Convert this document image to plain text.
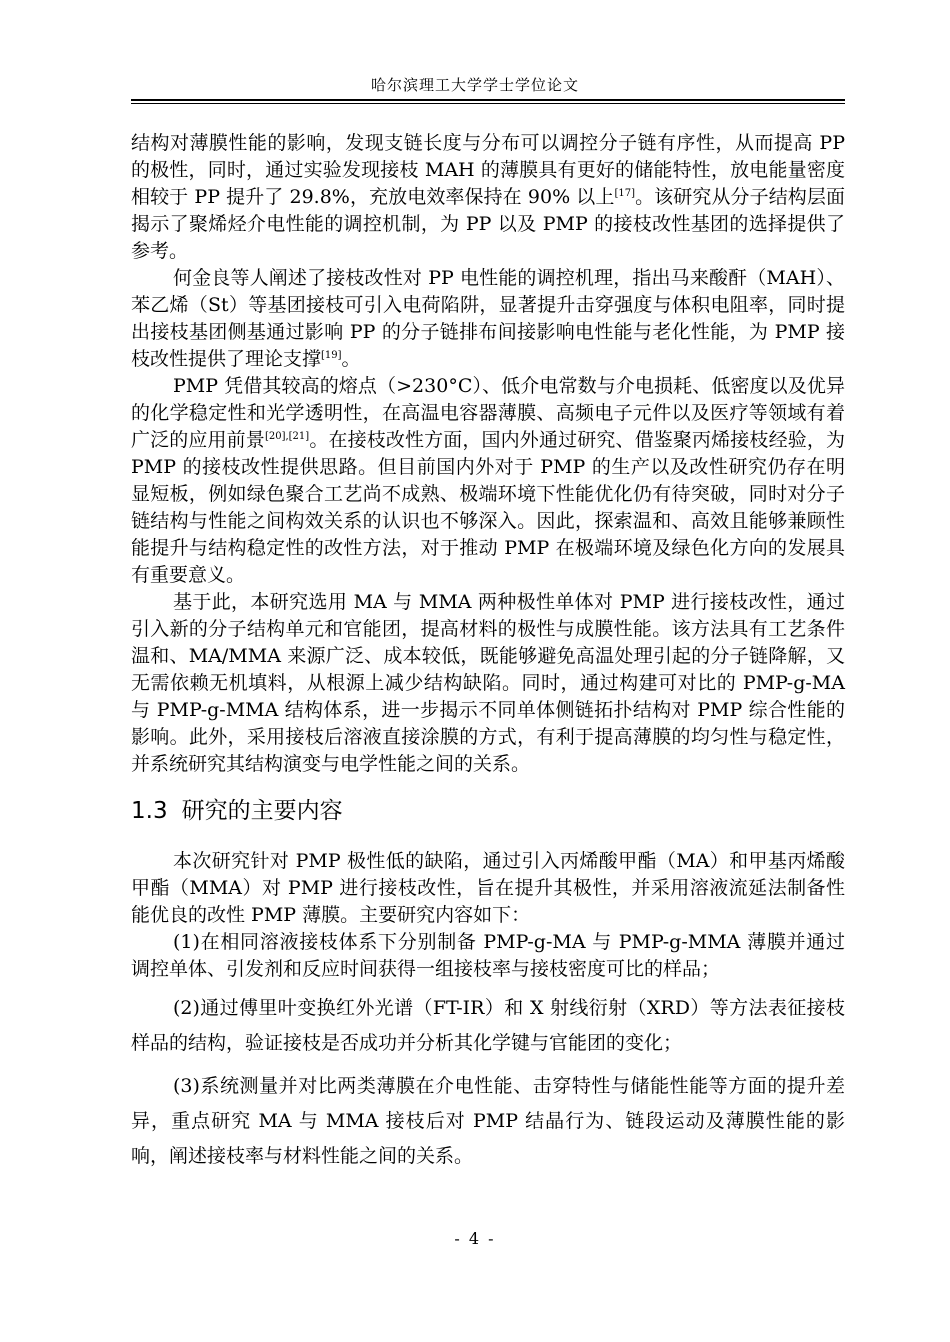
哈尔滨理工大学学士学位论文

结构对薄膜性能的影响，发现支链长度与分布可以调控分子链有序性，从而提高 PP 的极性，同时，通过实验发现接枝 MAH 的薄膜具有更好的储能特性，放电能量密度相较于 PP 提升了 29.8%，充放电效率保持在 90% 以上[17]。该研究从分子结构层面揭示了聚烯烃介电性能的调控机制，为 PP 以及 PMP 的接枝改性基团的选择提供了参考。

何金良等人阐述了接枝改性对 PP 电性能的调控机理，指出马来酸酐（MAH）、苯乙烯（St）等基团接枝可引入电荷陷阱，显著提升击穿强度与体积电阻率，同时提出接枝基团侧基通过影响 PP 的分子链排布间接影响电性能与老化性能，为 PMP 接枝改性提供了理论支撑[19]。

PMP 凭借其较高的熔点（>230°C）、低介电常数与介电损耗、低密度以及优异的化学稳定性和光学透明性，在高温电容器薄膜、高频电子元件以及医疗等领域有着广泛的应用前景[20],[21]。在接枝改性方面，国内外通过研究、借鉴聚丙烯接枝经验，为 PMP 的接枝改性提供思路。但目前国内外对于 PMP 的生产以及改性研究仍存在明显短板，例如绿色聚合工艺尚不成熟、极端环境下性能优化仍有待突破，同时对分子链结构与性能之间构效关系的认识也不够深入。因此，探索温和、高效且能够兼顾性能提升与结构稳定性的改性方法，对于推动 PMP 在极端环境及绿色化方向的发展具有重要意义。

基于此，本研究选用 MA 与 MMA 两种极性单体对 PMP 进行接枝改性，通过引入新的分子结构单元和官能团，提高材料的极性与成膜性能。该方法具有工艺条件温和、MA/MMA 来源广泛、成本较低，既能够避免高温处理引起的分子链降解，又无需依赖无机填料，从根源上减少结构缺陷。同时，通过构建可对比的 PMP-g-MA 与 PMP-g-MMA 结构体系，进一步揭示不同单体侧链拓扑结构对 PMP 综合性能的影响。此外，采用接枝后溶液直接涂膜的方式，有利于提高薄膜的均匀性与稳定性，并系统研究其结构演变与电学性能之间的关系。

1.3 研究的主要内容

本次研究针对 PMP 极性低的缺陷，通过引入丙烯酸甲酯（MA）和甲基丙烯酸甲酯（MMA）对 PMP 进行接枝改性，旨在提升其极性，并采用溶液流延法制备性能优良的改性 PMP 薄膜。主要研究内容如下：

(1)在相同溶液接枝体系下分别制备 PMP-g-MA 与 PMP-g-MMA 薄膜并通过调控单体、引发剂和反应时间获得一组接枝率与接枝密度可比的样品；

(2)通过傅里叶变换红外光谱（FT-IR）和 X 射线衍射（XRD）等方法表征接枝样品的结构，验证接枝是否成功并分析其化学键与官能团的变化；

(3)系统测量并对比两类薄膜在介电性能、击穿特性与储能性能等方面的提升差异，重点研究 MA 与 MMA 接枝后对 PMP 结晶行为、链段运动及薄膜性能的影响，阐述接枝率与材料性能之间的关系。

- 4 -
